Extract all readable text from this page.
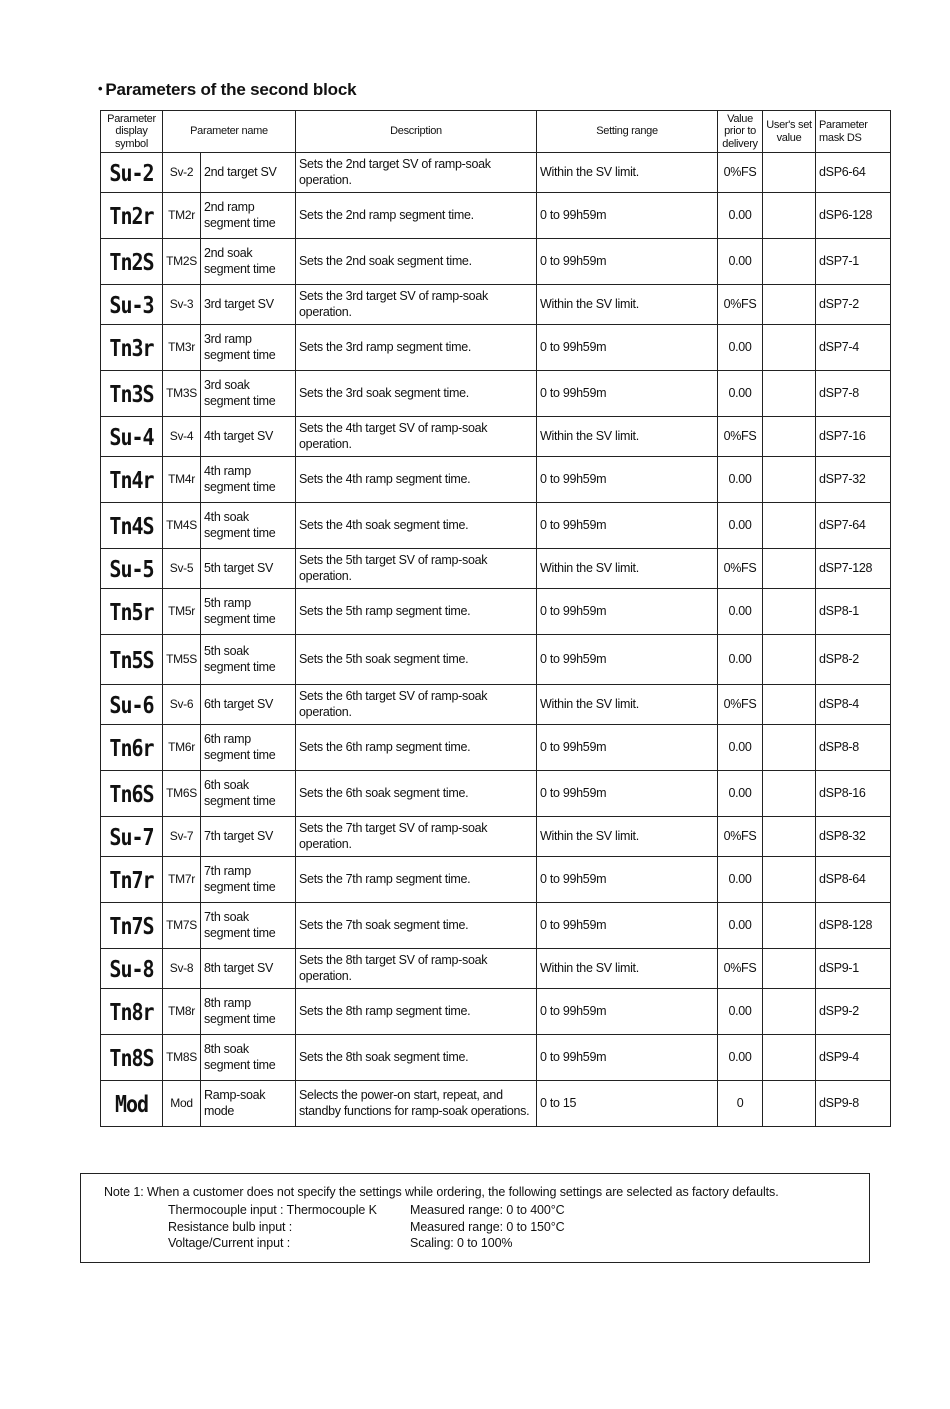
• Parameters of the second block
Parameter display symbol	Parameter name		Description	Setting range	Value prior to delivery	User's set value	Parameter mask DS
Su-2	Sv-2	2nd target SV	Sets the 2nd target SV of ramp-soak operation.	Within the SV limit.	0%FS		dSP6-64
Tn2r	TM2r	2nd ramp segment time	Sets the 2nd ramp segment time.	0 to 99h59m	0.00		dSP6-128
Tn2S	TM2S	2nd soak segment time	Sets the 2nd soak segment time.	0 to 99h59m	0.00		dSP7-1
Su-3	Sv-3	3rd target SV	Sets the 3rd target SV of ramp-soak operation.	Within the SV limit.	0%FS		dSP7-2
Tn3r	TM3r	3rd ramp segment time	Sets the 3rd ramp segment time.	0 to 99h59m	0.00		dSP7-4
Tn3S	TM3S	3rd soak segment time	Sets the 3rd soak segment time.	0 to 99h59m	0.00		dSP7-8
Su-4	Sv-4	4th target SV	Sets the 4th target SV of ramp-soak operation.	Within the SV limit.	0%FS		dSP7-16
Tn4r	TM4r	4th ramp segment time	Sets the 4th ramp segment time.	0 to 99h59m	0.00		dSP7-32
Tn4S	TM4S	4th soak segment time	Sets the 4th soak segment time.	0 to 99h59m	0.00		dSP7-64
Su-5	Sv-5	5th target SV	Sets the 5th target SV of ramp-soak operation.	Within the SV limit.	0%FS		dSP7-128
Tn5r	TM5r	5th ramp segment time	Sets the 5th ramp segment time.	0 to 99h59m	0.00		dSP8-1
Tn5S	TM5S	5th soak segment time	Sets the 5th soak segment time.	0 to 99h59m	0.00		dSP8-2
Su-6	Sv-6	6th target SV	Sets the 6th target SV of ramp-soak operation.	Within the SV limit.	0%FS		dSP8-4
Tn6r	TM6r	6th ramp segment time	Sets the 6th ramp segment time.	0 to 99h59m	0.00		dSP8-8
Tn6S	TM6S	6th soak segment time	Sets the 6th soak segment time.	0 to 99h59m	0.00		dSP8-16
Su-7	Sv-7	7th target SV	Sets the 7th target SV of ramp-soak operation.	Within the SV limit.	0%FS		dSP8-32
Tn7r	TM7r	7th ramp segment time	Sets the 7th ramp segment time.	0 to 99h59m	0.00		dSP8-64
Tn7S	TM7S	7th soak segment time	Sets the 7th soak segment time.	0 to 99h59m	0.00		dSP8-128
Su-8	Sv-8	8th target SV	Sets the 8th target SV of ramp-soak operation.	Within the SV limit.	0%FS		dSP9-1
Tn8r	TM8r	8th ramp segment time	Sets the 8th ramp segment time.	0 to 99h59m	0.00		dSP9-2
Tn8S	TM8S	8th soak segment time	Sets the 8th soak segment time.	0 to 99h59m	0.00		dSP9-4
Mod	Mod	Ramp-soak mode	Selects the power-on start, repeat, and standby functions for ramp-soak operations.	0 to 15	0		dSP9-8
Note 1: When a customer does not specify the settings while ordering, the following settings are selected as factory defaults.
Thermocouple input : Thermocouple K	Measured range: 0 to 400°C
Resistance bulb input :	Measured range: 0 to 150°C
Voltage/Current input :	Scaling: 0 to 100%
